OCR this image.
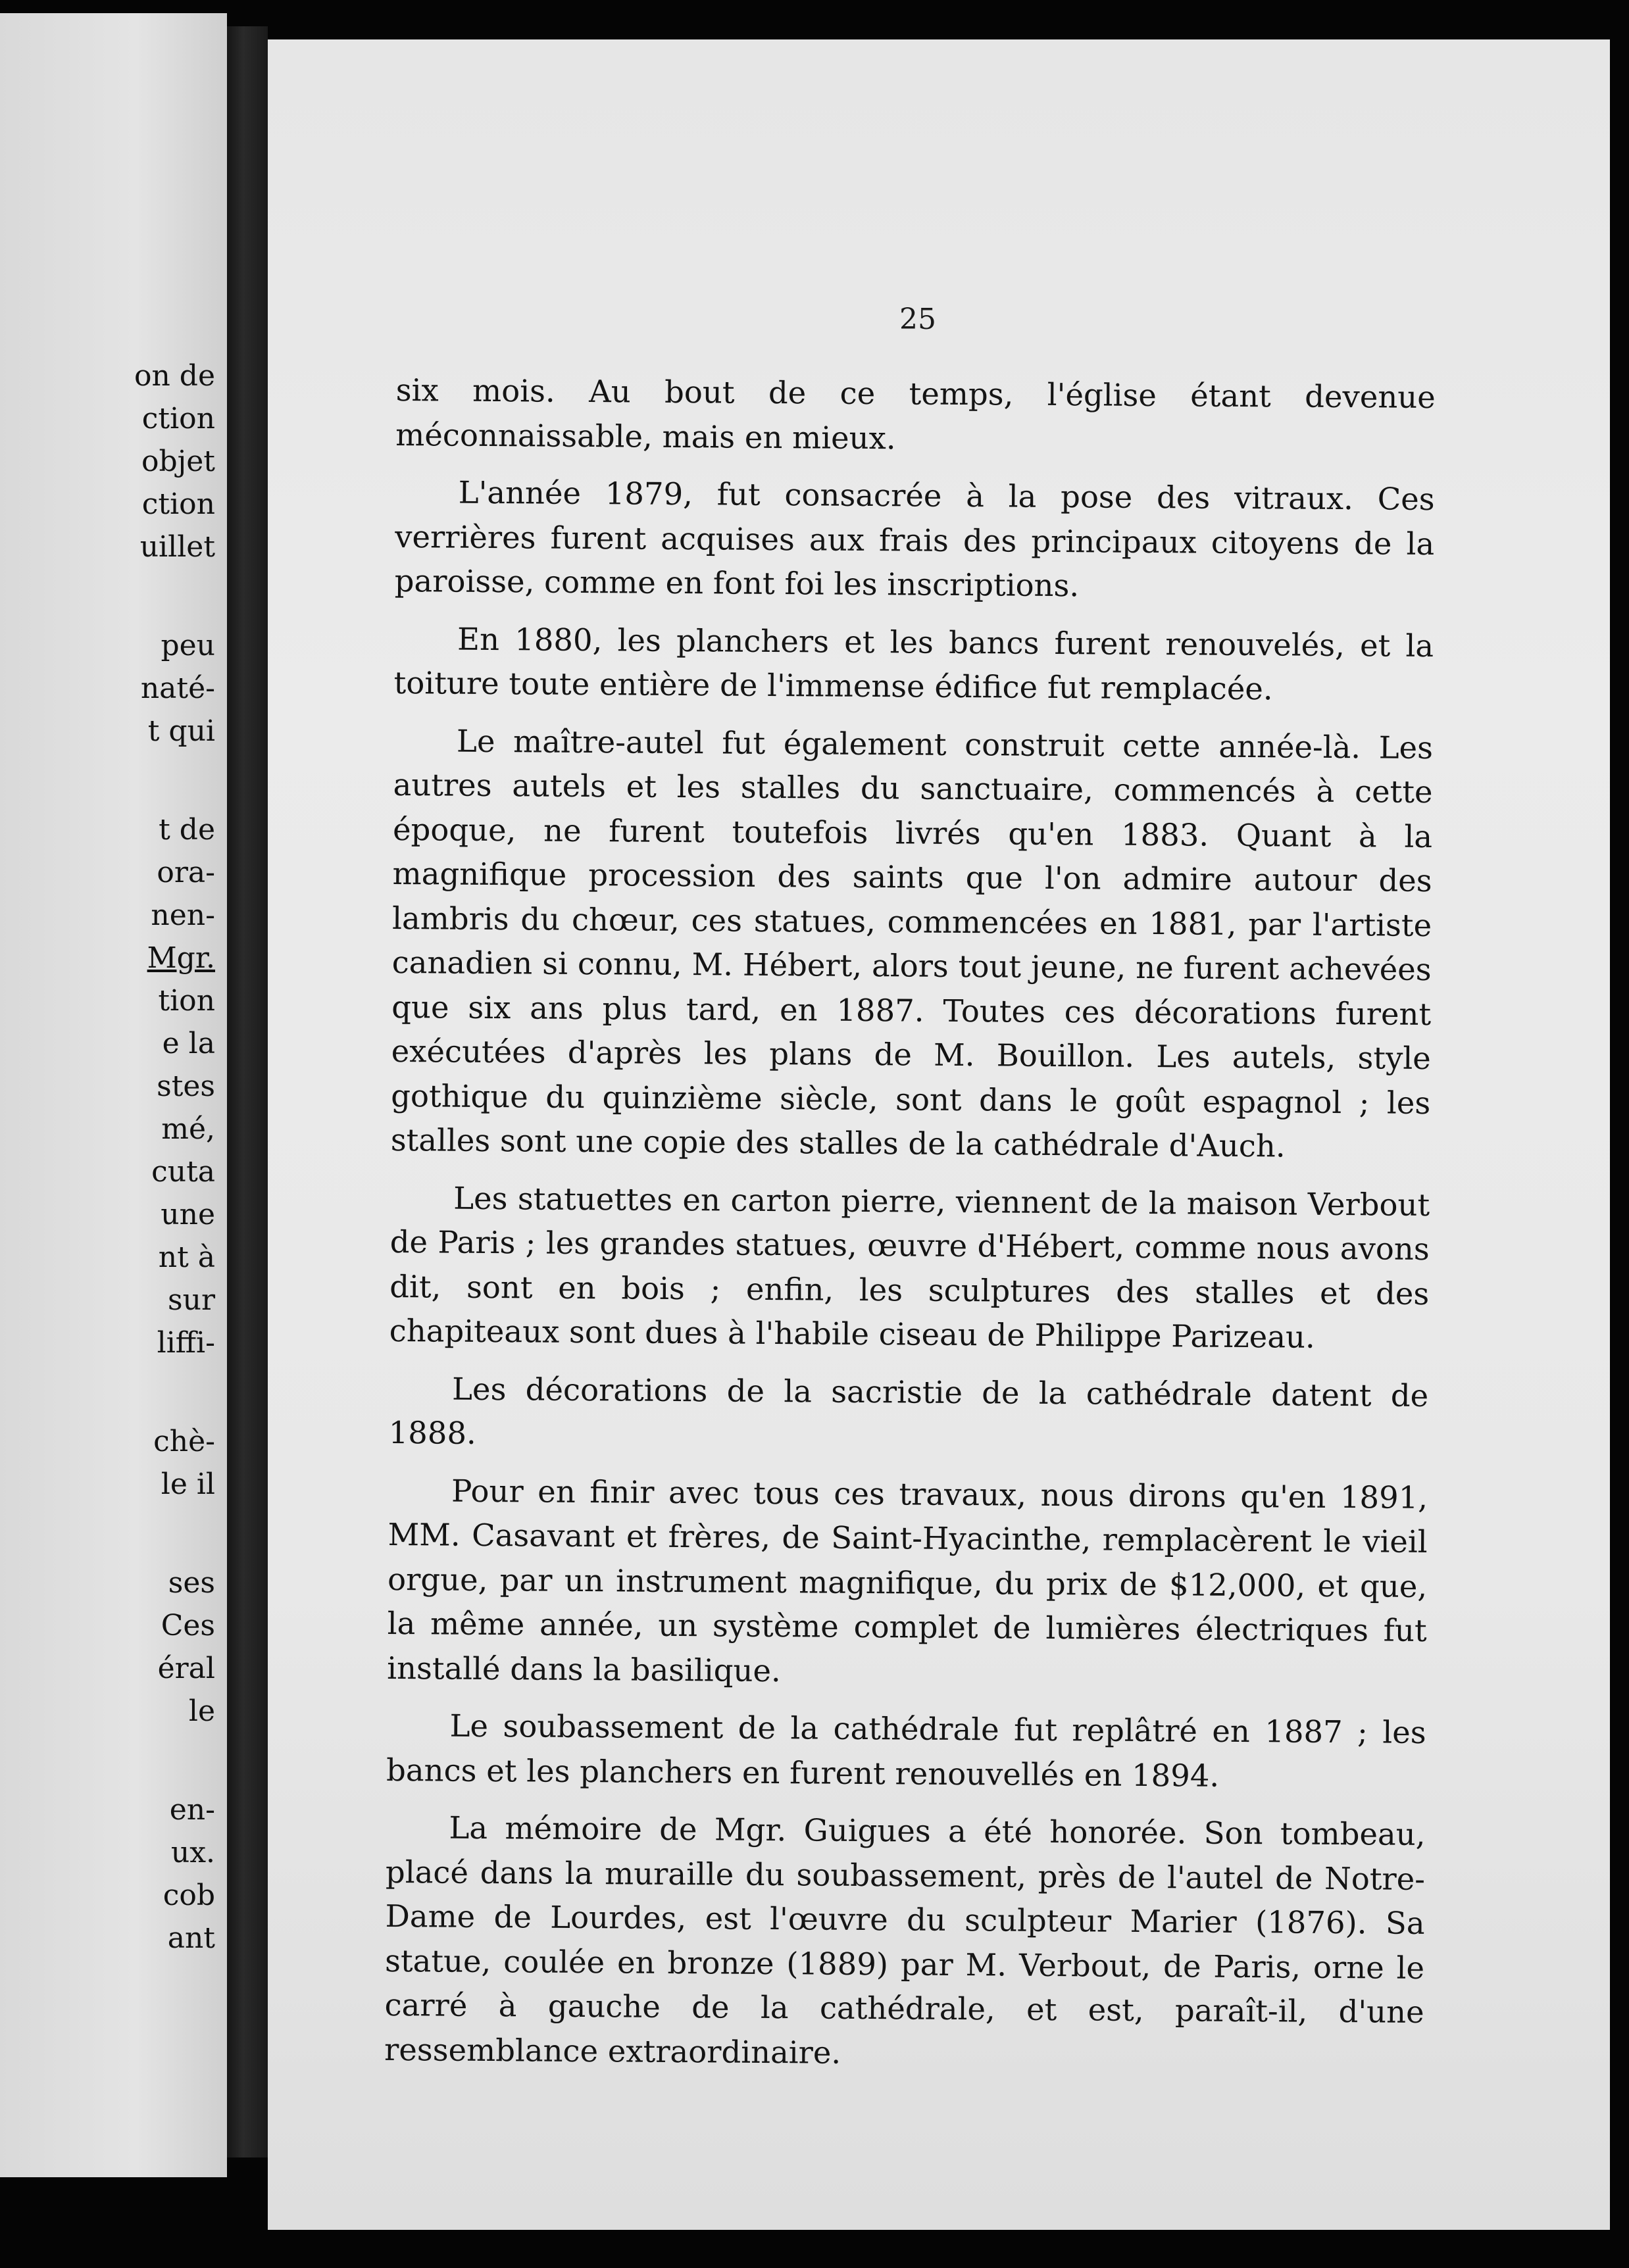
on de
ction
objet
ction
uillet
peu
naté-
t qui
t de
ora-
nen-
Mgr.
tion
e la
stes
mé,
cuta
une
nt à
sur
liffi-
chè-
le il
ses
Ces
éral
le
en-
ux.
cob
ant
25

six mois. Au bout de ce temps, l'église étant devenue méconnaissable, mais en mieux.

L'année 1879, fut consacrée à la pose des vitraux. Ces verrières furent acquises aux frais des principaux citoyens de la paroisse, comme en font foi les inscriptions.

En 1880, les planchers et les bancs furent renouvelés, et la toiture toute entière de l'immense édifice fut remplacée.

Le maître-autel fut également construit cette année-là. Les autres autels et les stalles du sanctuaire, commencés à cette époque, ne furent toutefois livrés qu'en 1883. Quant à la magnifique procession des saints que l'on admire autour des lambris du chœur, ces statues, commencées en 1881, par l'artiste canadien si connu, M. Hébert, alors tout jeune, ne furent achevées que six ans plus tard, en 1887. Toutes ces décorations furent exécutées d'après les plans de M. Bouillon. Les autels, style gothique du quinzième siècle, sont dans le goût espagnol ; les stalles sont une copie des stalles de la cathédrale d'Auch.

Les statuettes en carton pierre, viennent de la maison Verbout de Paris ; les grandes statues, œuvre d'Hébert, comme nous avons dit, sont en bois ; enfin, les sculptures des stalles et des chapiteaux sont dues à l'habile ciseau de Philippe Parizeau.

Les décorations de la sacristie de la cathédrale datent de 1888.

Pour en finir avec tous ces travaux, nous dirons qu'en 1891, MM. Casavant et frères, de Saint-Hyacinthe, remplacèrent le vieil orgue, par un instrument magnifique, du prix de $12,000, et que, la même année, un système complet de lumières électriques fut installé dans la basilique.

Le soubassement de la cathédrale fut replâtré en 1887 ; les bancs et les planchers en furent renouvellés en 1894.

La mémoire de Mgr. Guigues a été honorée. Son tombeau, placé dans la muraille du soubassement, près de l'autel de Notre-Dame de Lourdes, est l'œuvre du sculpteur Marier (1876). Sa statue, coulée en bronze (1889) par M. Verbout, de Paris, orne le carré à gauche de la cathédrale, et est, paraît-il, d'une ressemblance extraordinaire.
